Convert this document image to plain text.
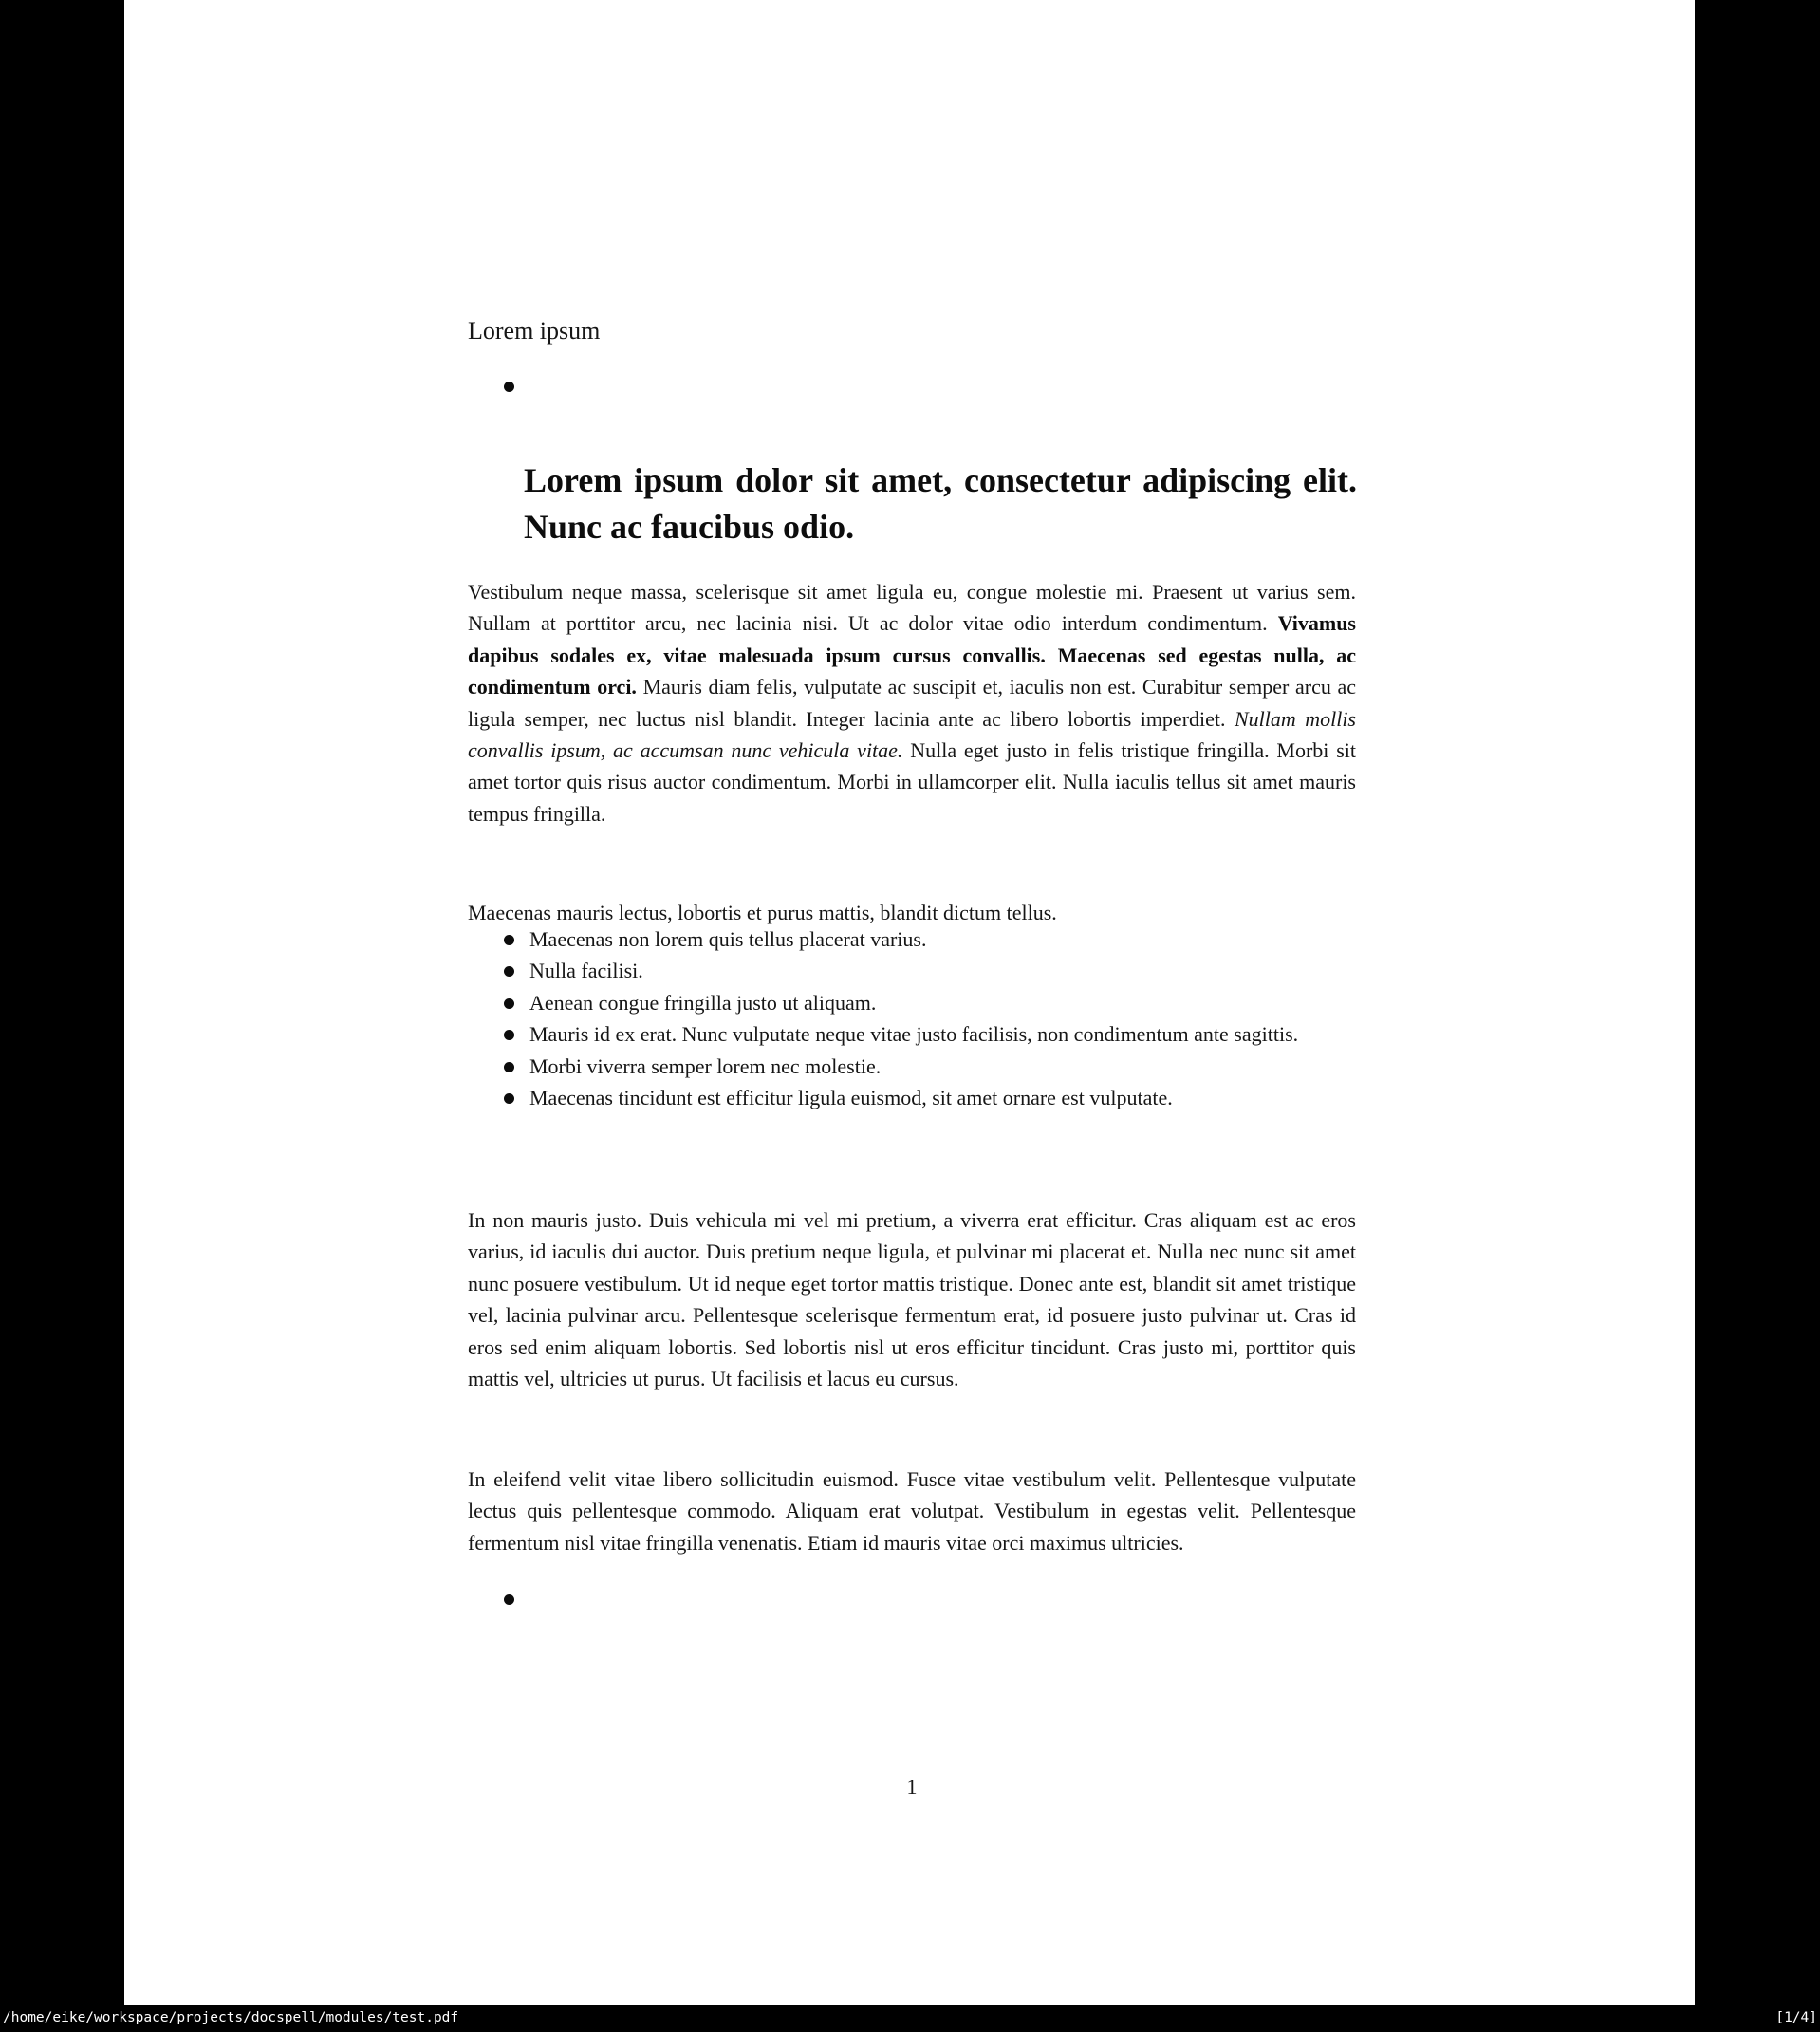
Lorem ipsum
Lorem ipsum dolor sit amet, consectetur adipiscing elit. Nunc ac faucibus odio.

Vestibulum neque massa, scelerisque sit amet ligula eu, congue molestie mi. Praesent ut varius sem. Nullam at porttitor arcu, nec lacinia nisi. Ut ac dolor vitae odio interdum condimentum. Vivamus dapibus sodales ex, vitae malesuada ipsum cursus convallis. Maecenas sed egestas nulla, ac condimentum orci. Mauris diam felis, vulputate ac suscipit et, iaculis non est. Curabitur semper arcu ac ligula semper, nec luctus nisl blandit. Integer lacinia ante ac libero lobortis imperdiet. Nullam mollis convallis ipsum, ac accumsan nunc vehicula vitae. Nulla eget justo in felis tristique fringilla. Morbi sit amet tortor quis risus auctor condimentum. Morbi in ullamcorper elit. Nulla iaculis tellus sit amet mauris tempus fringilla.

Maecenas mauris lectus, lobortis et purus mattis, blandit dictum tellus.

Maecenas non lorem quis tellus placerat varius.
Nulla facilisi.
Aenean congue fringilla justo ut aliquam.
Mauris id ex erat. Nunc vulputate neque vitae justo facilisis, non condimentum ante sagittis.
Morbi viverra semper lorem nec molestie.
Maecenas tincidunt est efficitur ligula euismod, sit amet ornare est vulputate.

In non mauris justo. Duis vehicula mi vel mi pretium, a viverra erat efficitur. Cras aliquam est ac eros varius, id iaculis dui auctor. Duis pretium neque ligula, et pulvinar mi placerat et. Nulla nec nunc sit amet nunc posuere vestibulum. Ut id neque eget tortor mattis tristique. Donec ante est, blandit sit amet tristique vel, lacinia pulvinar arcu. Pellentesque scelerisque fermentum erat, id posuere justo pulvinar ut. Cras id eros sed enim aliquam lobortis. Sed lobortis nisl ut eros efficitur tincidunt. Cras justo mi, porttitor quis mattis vel, ultricies ut purus. Ut facilisis et lacus eu cursus.

In eleifend velit vitae libero sollicitudin euismod. Fusce vitae vestibulum velit. Pellentesque vulputate lectus quis pellentesque commodo. Aliquam erat volutpat. Vestibulum in egestas velit. Pellentesque fermentum nisl vitae fringilla venenatis. Etiam id mauris vitae orci maximus ultricies.

1
/home/eike/workspace/projects/docspell/modules/test.pdf	[1/4]
